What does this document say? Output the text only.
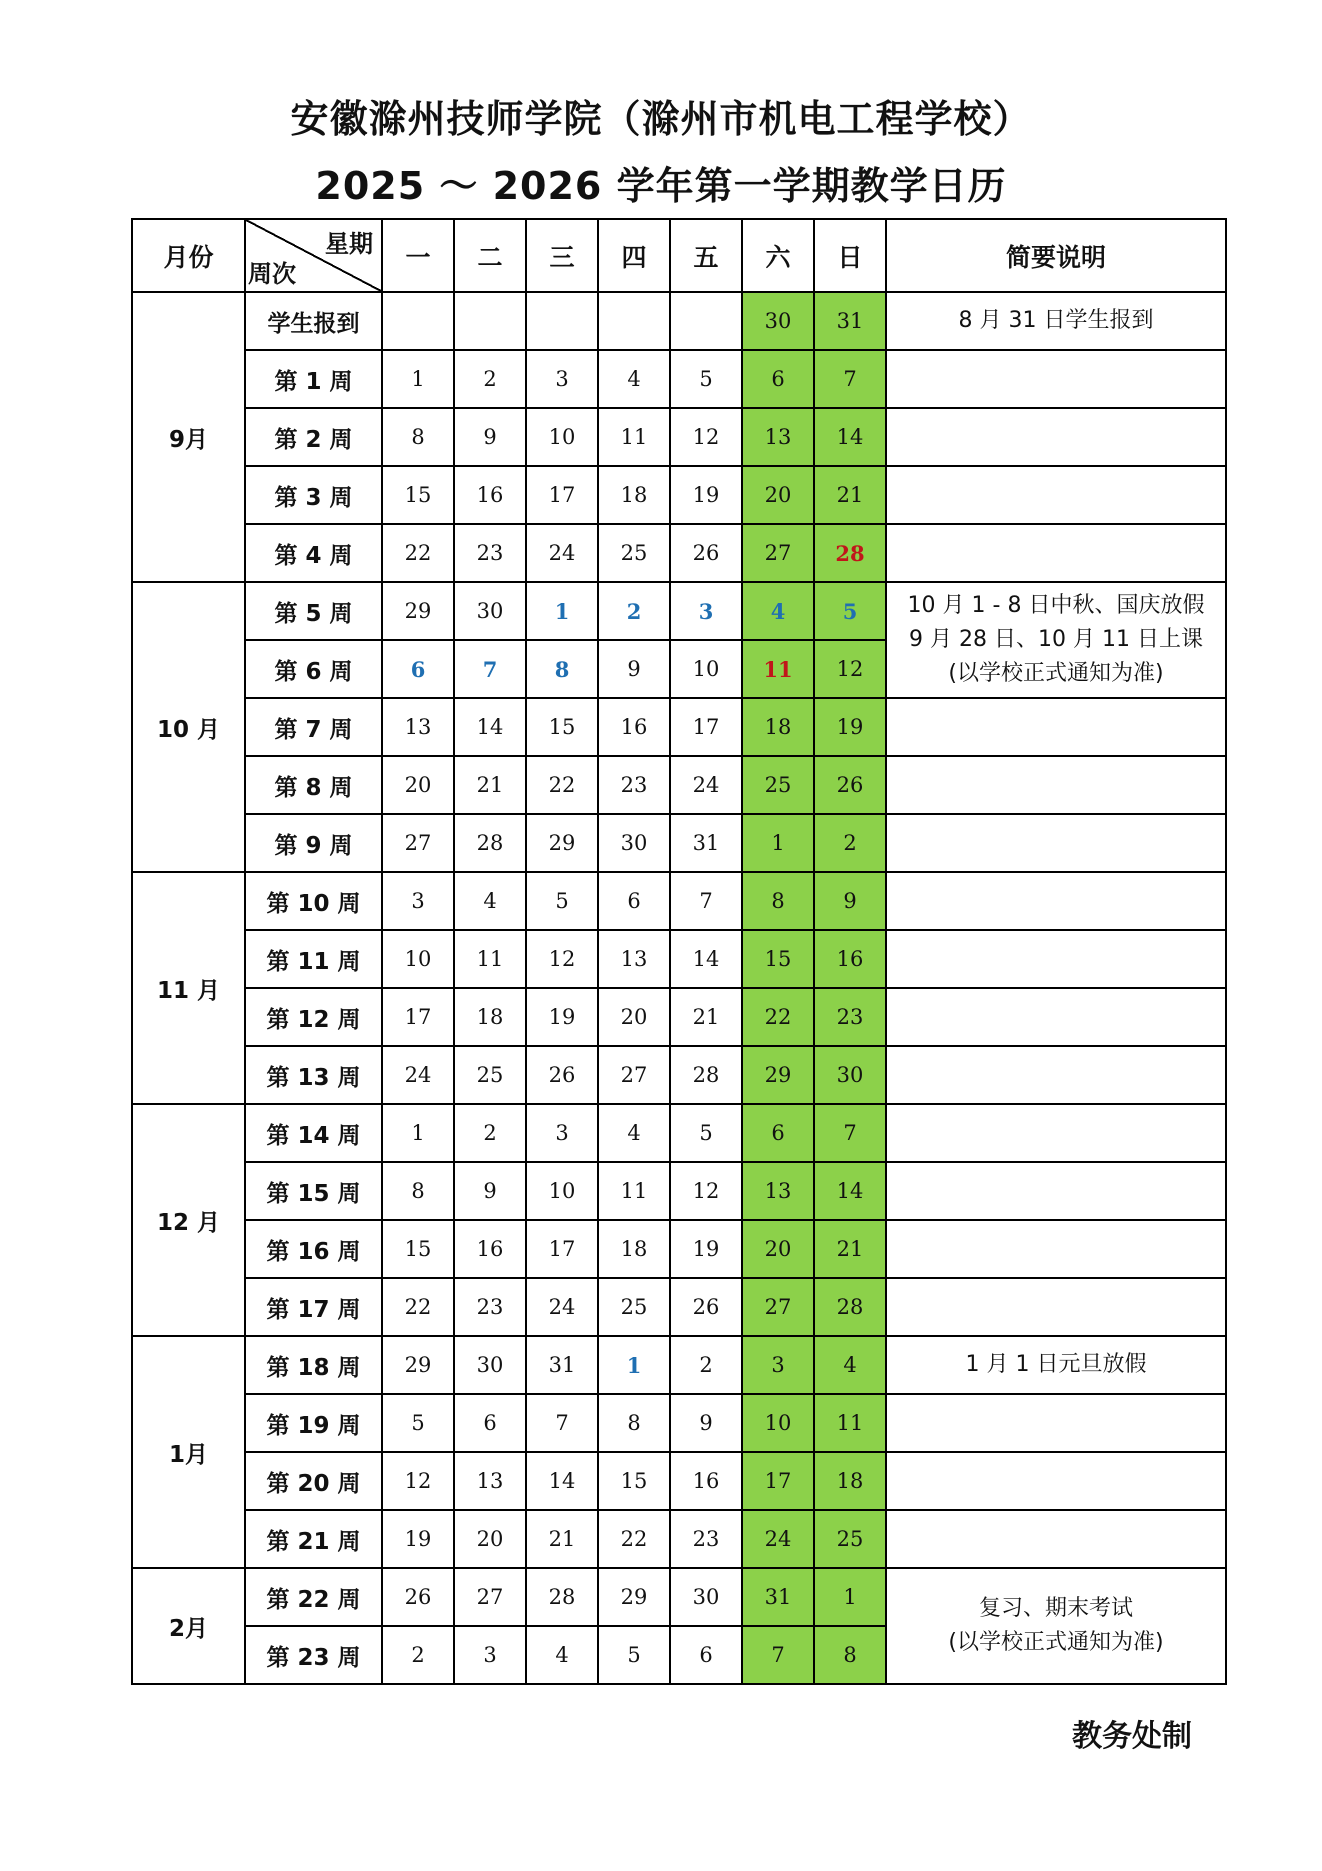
安徽滁州技师学院（滁州市机电工程学校）
2025 ～ 2026 学年第一学期教学日历
月份	星期
周次	一	二	三	四	五	六	日	简要说明
9月	学生报到						30	31	8 月 31 日学生报到
	第 1 周	1	2	3	4	5	6	7	
	第 2 周	8	9	10	11	12	13	14	
	第 3 周	15	16	17	18	19	20	21	
	第 4 周	22	23	24	25	26	27	28	
10 月	第 5 周	29	30	1	2	3	4	5	10 月 1 - 8 日中秋、国庆放假
9 月 28 日、10 月 11 日上课
(以学校正式通知为准)

	第 6 周	6	7	8	9	10	11	12	
	第 7 周	13	14	15	16	17	18	19	
	第 8 周	20	21	22	23	24	25	26	
	第 9 周	27	28	29	30	31	1	2	
11 月	第 10 周	3	4	5	6	7	8	9	
	第 11 周	10	11	12	13	14	15	16	
	第 12 周	17	18	19	20	21	22	23	
	第 13 周	24	25	26	27	28	29	30	
12 月	第 14 周	1	2	3	4	5	6	7	
	第 15 周	8	9	10	11	12	13	14	
	第 16 周	15	16	17	18	19	20	21	
	第 17 周	22	23	24	25	26	27	28	
1月	第 18 周	29	30	31	1	2	3	4	1 月 1 日元旦放假
	第 19 周	5	6	7	8	9	10	11	
	第 20 周	12	13	14	15	16	17	18	
	第 21 周	19	20	21	22	23	24	25	
2月	第 22 周	26	27	28	29	30	31	1	复习、期末考试
(以学校正式通知为准)

	第 23 周	2	3	4	5	6	7	8	
教务处制
